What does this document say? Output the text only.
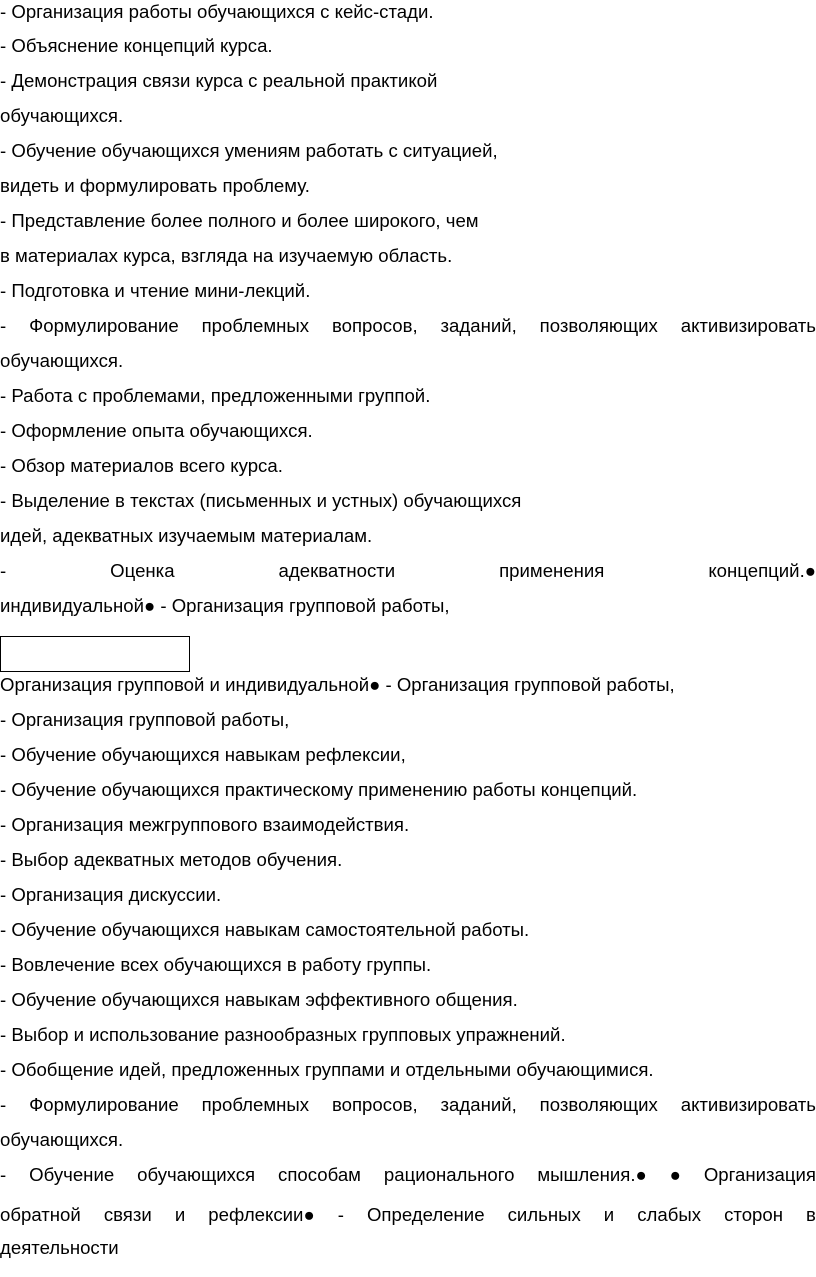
- Организация работы обучающихся с кейс-стади.

- Объяснение концепций курса.

- Демонстрация связи курса с реальной практикой

обучающихся.

- Обучение обучающихся умениям работать с ситуацией,

видеть и формулировать проблему.

- Представление более полного и более широкого, чем

в материалах курса, взгляда на изучаемую область.

- Подготовка и чтение мини-лекций.

- Формулирование проблемных вопросов, заданий, позволяющих активизировать

обучающихся.

- Работа с проблемами, предложенными группой.

- Оформление опыта обучающихся.

- Обзор материалов всего курса.

- Выделение в текстах (письменных и устных) обучающихся

идей, адекватных изучаемым материалам.

-	Оценка	адекватности	применения	концепций.●

индивидуальной● - Организация групповой работы,

Организация групповой и индивидуальной● - Организация групповой работы,

- Организация групповой работы,

- Обучение обучающихся навыкам рефлексии,

- Обучение обучающихся практическому применению работы концепций.

- Организация межгруппового взаимодействия.

- Выбор адекватных методов обучения.

- Организация дискуссии.

- Обучение обучающихся навыкам самостоятельной работы.

- Вовлечение всех обучающихся в работу группы.

- Обучение обучающихся навыкам эффективного общения.

- Выбор и использование разнообразных групповых упражнений.

- Обобщение идей, предложенных группами и отдельными обучающимися.

- Формулирование проблемных вопросов, заданий, позволяющих активизировать

обучающихся.

- Обучение обучающихся способам рационального мышления.● ● Организация

обратной связи и рефлексии● - Определение сильных и слабых сторон в

деятельности
